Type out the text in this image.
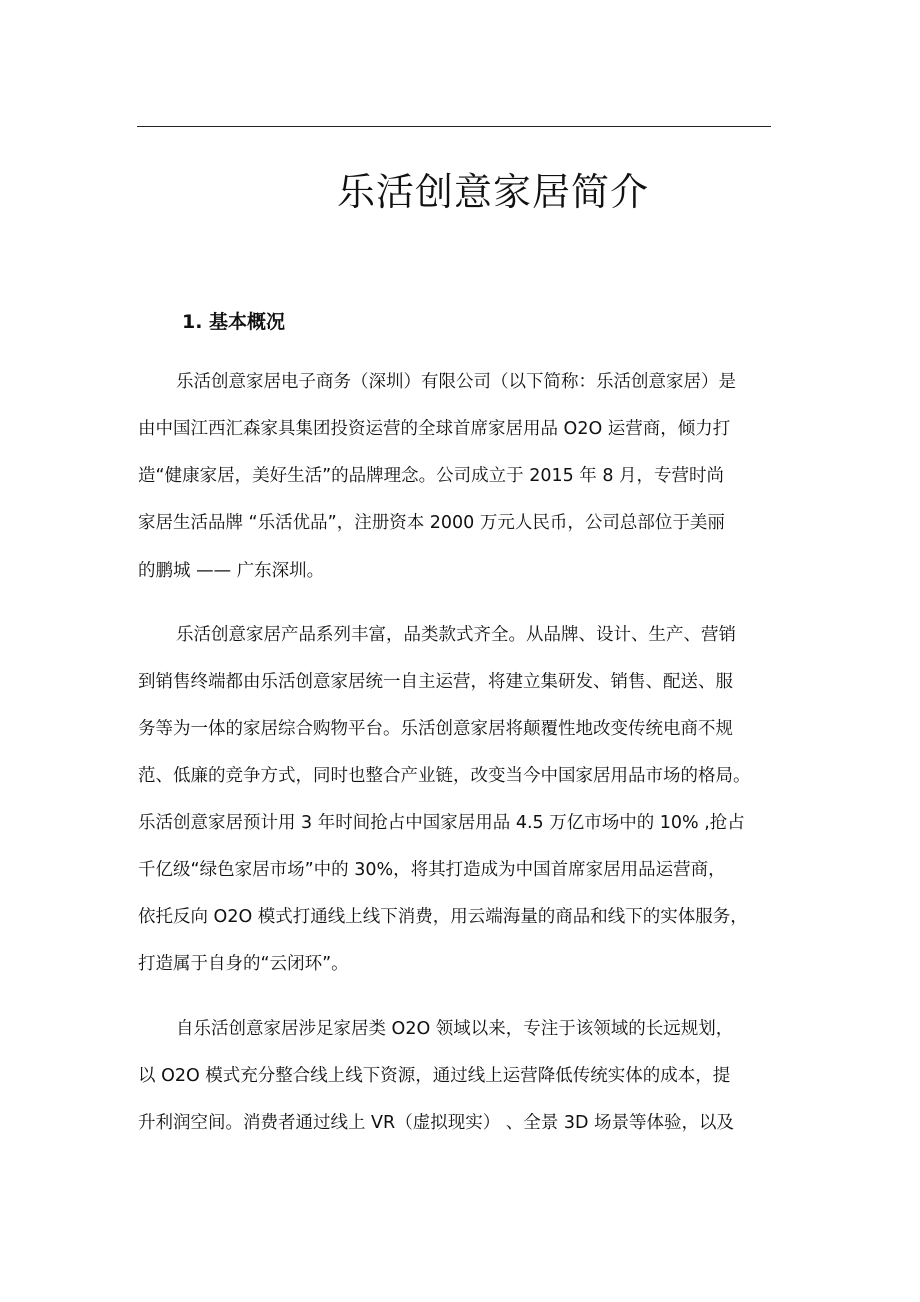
乐活创意家居简介
1. 基本概况

乐活创意家居电子商务（深圳）有限公司（以下简称：乐活创意家居）是

由中国江西汇森家具集团投资运营的全球首席家居用品 O2O 运营商，倾力打

造“健康家居，美好生活”的品牌理念。公司成立于 2015 年 8 月，专营时尚

家居生活品牌 “乐活优品”，注册资本 2000 万元人民币，公司总部位于美丽

的鹏城 —— 广东深圳。

乐活创意家居产品系列丰富，品类款式齐全。从品牌、设计、生产、营销

到销售终端都由乐活创意家居统一自主运营，将建立集研发、销售、配送、服

务等为一体的家居综合购物平台。乐活创意家居将颠覆性地改变传统电商不规

范、低廉的竞争方式，同时也整合产业链，改变当今中国家居用品市场的格局。

乐活创意家居预计用 3 年时间抢占中国家居用品 4.5 万亿市场中的 10% ,抢占

千亿级“绿色家居市场”中的 30%，将其打造成为中国首席家居用品运营商，

依托反向 O2O 模式打通线上线下消费，用云端海量的商品和线下的实体服务，

打造属于自身的“云闭环”。

自乐活创意家居涉足家居类 O2O 领域以来，专注于该领域的长远规划，

以 O2O 模式充分整合线上线下资源，通过线上运营降低传统实体的成本，提

升利润空间。消费者通过线上 VR（虚拟现实） 、全景 3D 场景等体验，以及
